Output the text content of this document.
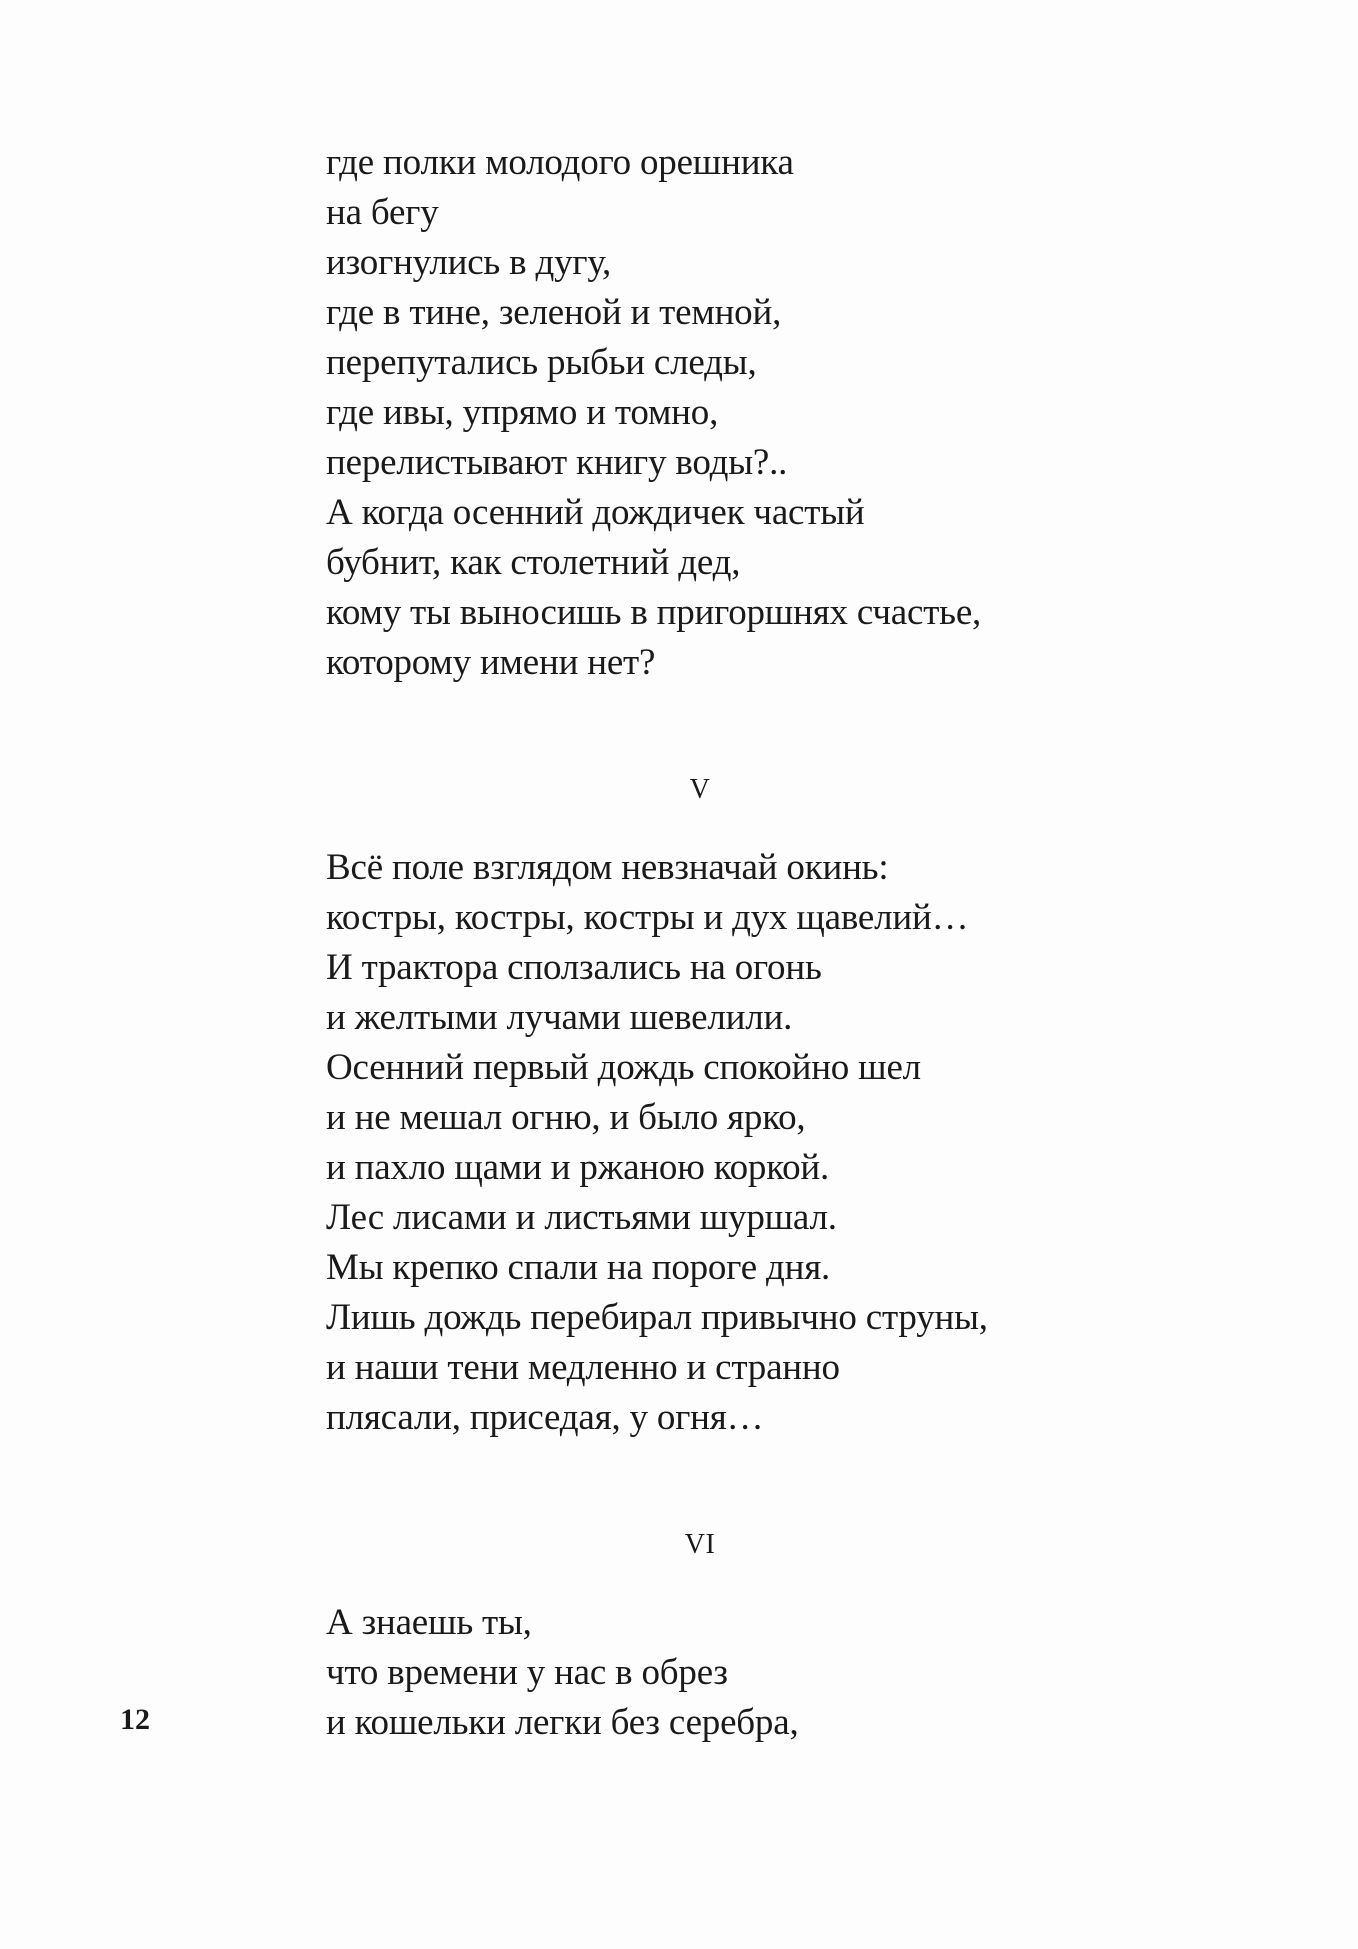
где полки молодого орешника
на бегу
изогнулись в дугу,
где в тине, зеленой и темной,
перепутались рыбьи следы,
где ивы, упрямо и томно,
перелистывают книгу воды?..
А когда осенний дождичек частый
бубнит, как столетний дед,
кому ты выносишь в пригоршнях счастье,
которому имени нет?
V
Всё поле взглядом невзначай окинь:
костры, костры, костры и дух щавелий…
И трактора сползались на огонь
и желтыми лучами шевелили.
Осенний первый дождь спокойно шел
и не мешал огню, и было ярко,
и пахло щами и ржаною коркой.
Лес лисами и листьями шуршал.
Мы крепко спали на пороге дня.
Лишь дождь перебирал привычно струны,
и наши тени медленно и странно
плясали, приседая, у огня…
VI
А знаешь ты,
что времени у нас в обрез
и кошельки легки без серебра,
12
